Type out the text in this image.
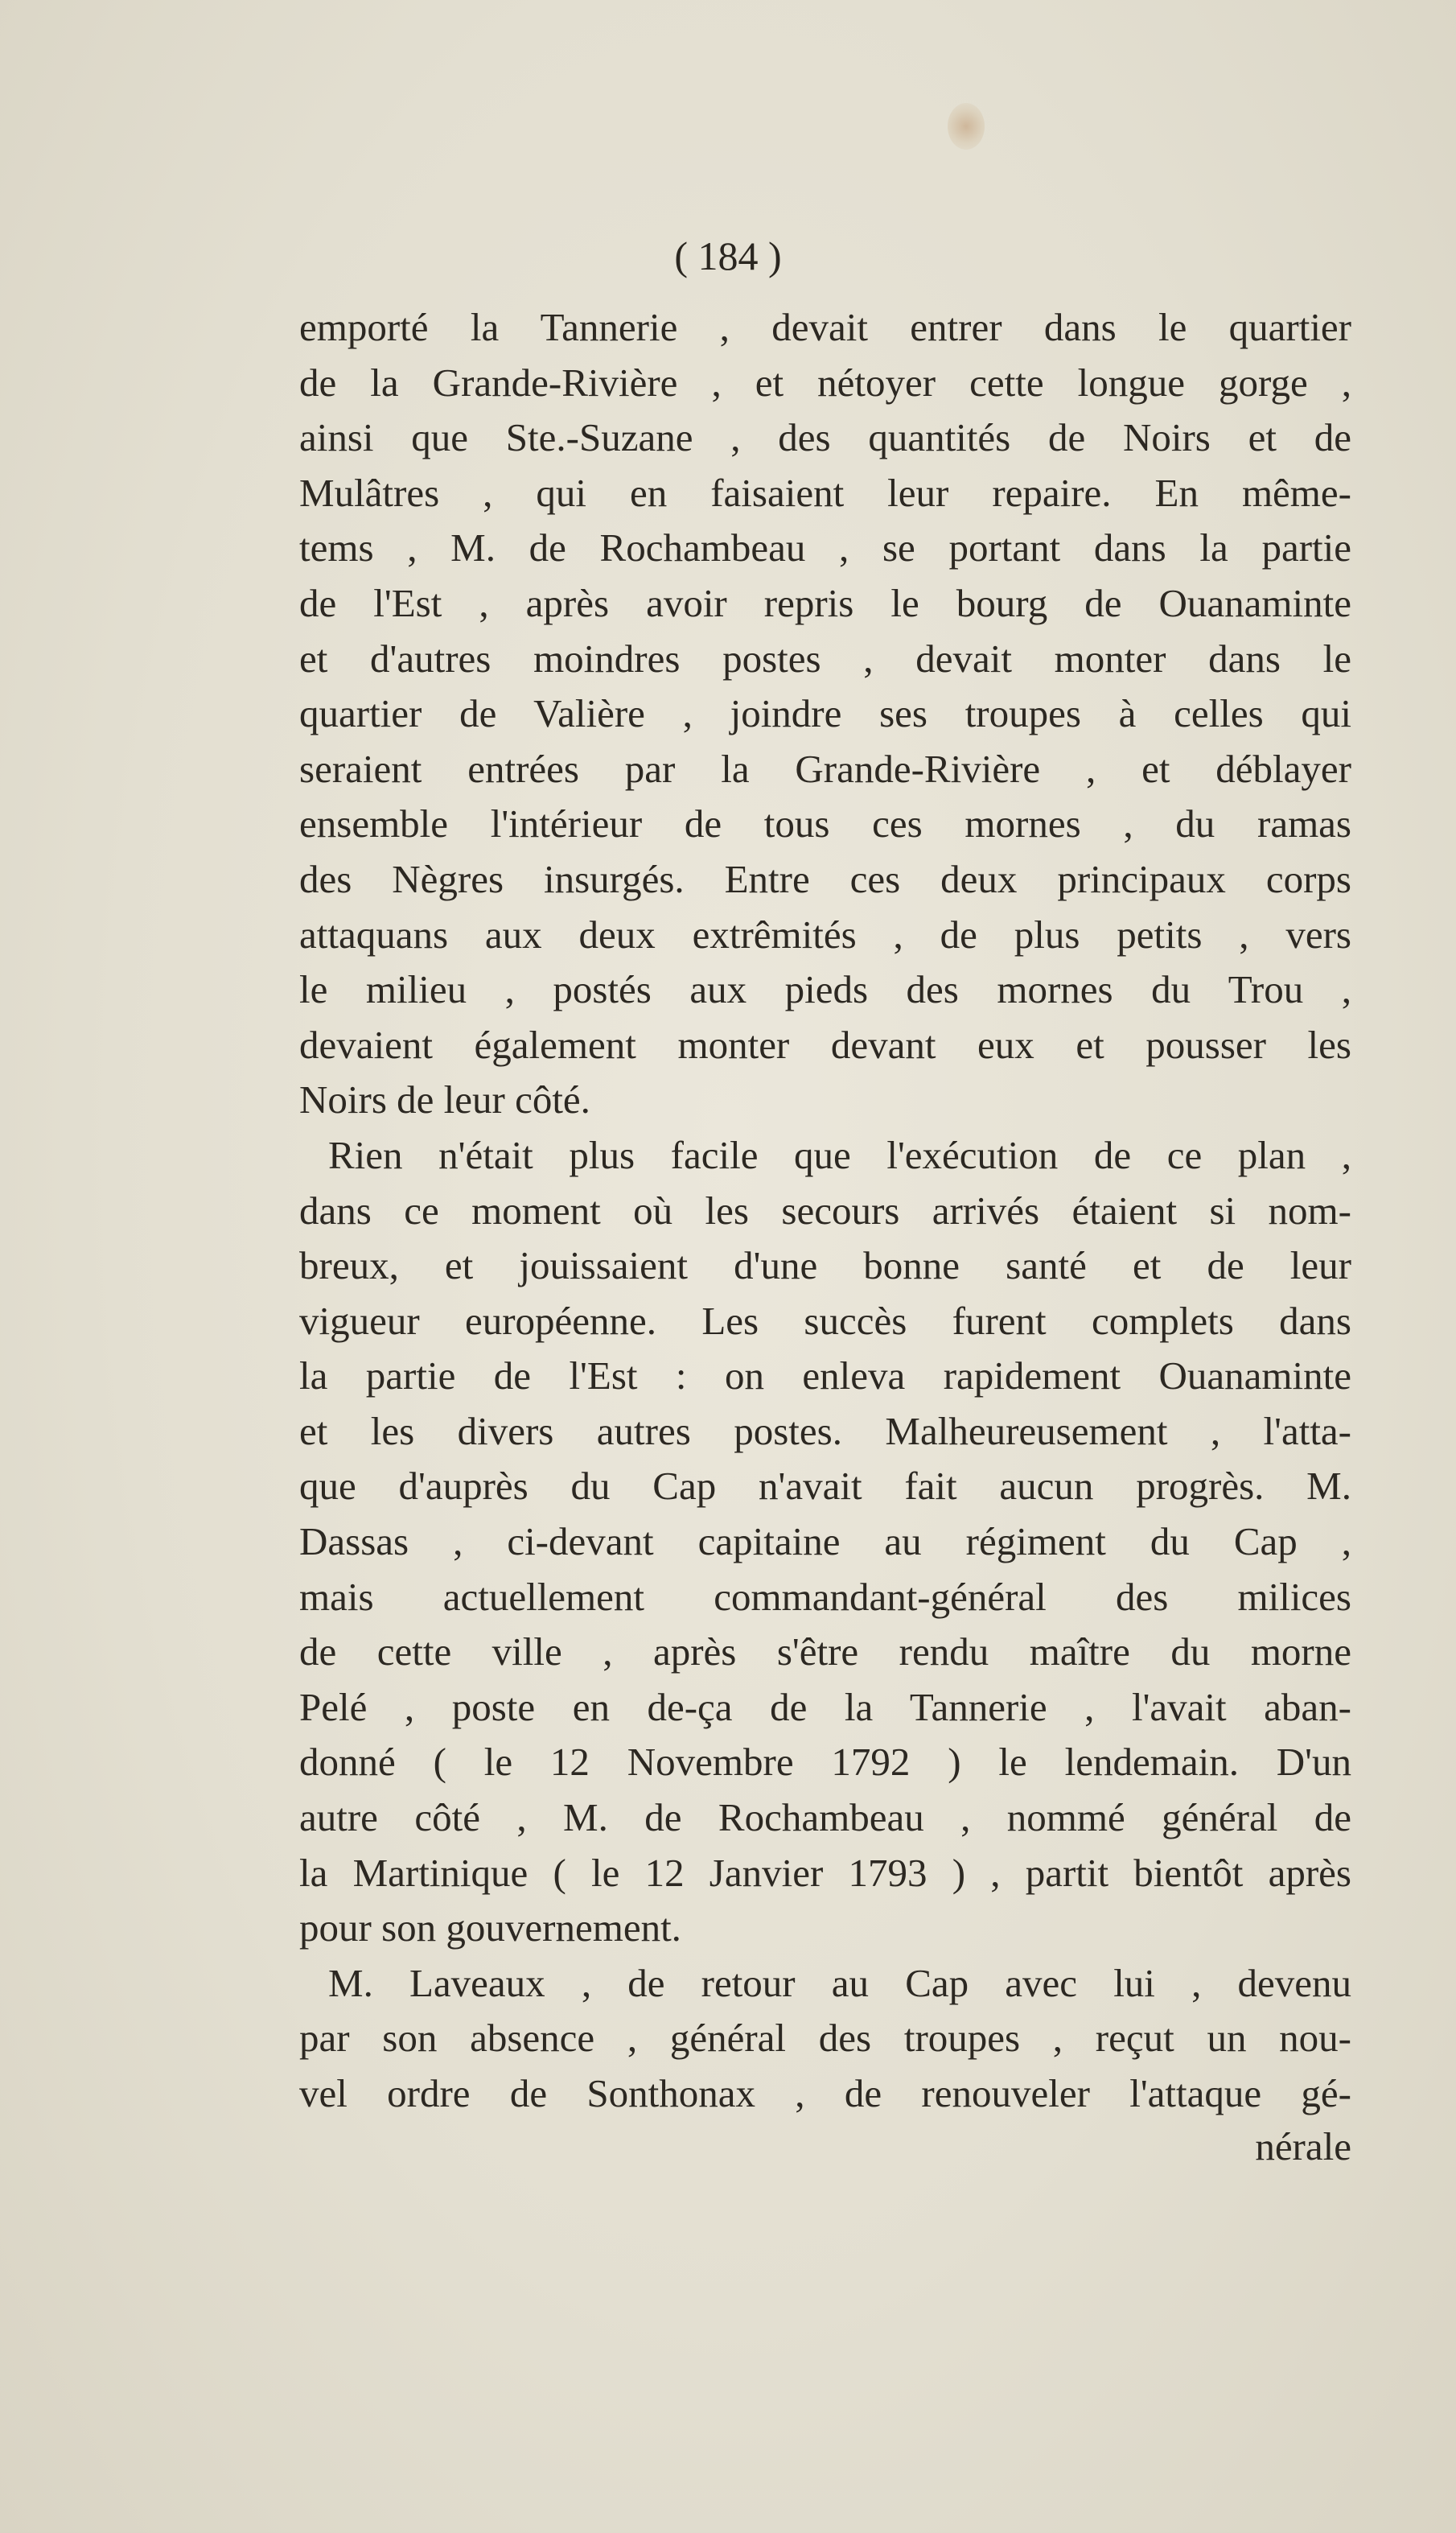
( 184 )
emporté la Tannerie , devait entrer dans le quartier
de la Grande-Rivière , et nétoyer cette longue gorge ,
ainsi que Ste.-Suzane , des quantités de Noirs et de
Mulâtres , qui en faisaient leur repaire. En même-
tems , M. de Rochambeau , se portant dans la partie
de l'Est , après avoir repris le bourg de Ouanaminte
et d'autres moindres postes , devait monter dans le
quartier de Valière , joindre ses troupes à celles qui
seraient entrées par la Grande-Rivière , et déblayer
ensemble l'intérieur de tous ces mornes , du ramas
des Nègres insurgés. Entre ces deux principaux corps
attaquans aux deux extrêmités , de plus petits , vers
le milieu , postés aux pieds des mornes du Trou ,
devaient également monter devant eux et pousser les
Noirs de leur côté.
Rien n'était plus facile que l'exécution de ce plan ,
dans ce moment où les secours arrivés étaient si nom-
breux, et jouissaient d'une bonne santé et de leur
vigueur européenne. Les succès furent complets dans
la partie de l'Est : on enleva rapidement Ouanaminte
et les divers autres postes. Malheureusement , l'atta-
que d'auprès du Cap n'avait fait aucun progrès. M.
Dassas , ci-devant capitaine au régiment du Cap ,
mais actuellement commandant-général des milices
de cette ville , après s'être rendu maître du morne
Pelé , poste en de-ça de la Tannerie , l'avait aban-
donné ( le 12 Novembre 1792 ) le lendemain. D'un
autre côté , M. de Rochambeau , nommé général de
la Martinique ( le 12 Janvier 1793 ) , partit bientôt après
pour son gouvernement.
M. Laveaux , de retour au Cap avec lui , devenu
par son absence , général des troupes , reçut un nou-
vel ordre de Sonthonax , de renouveler l'attaque gé-
nérale
